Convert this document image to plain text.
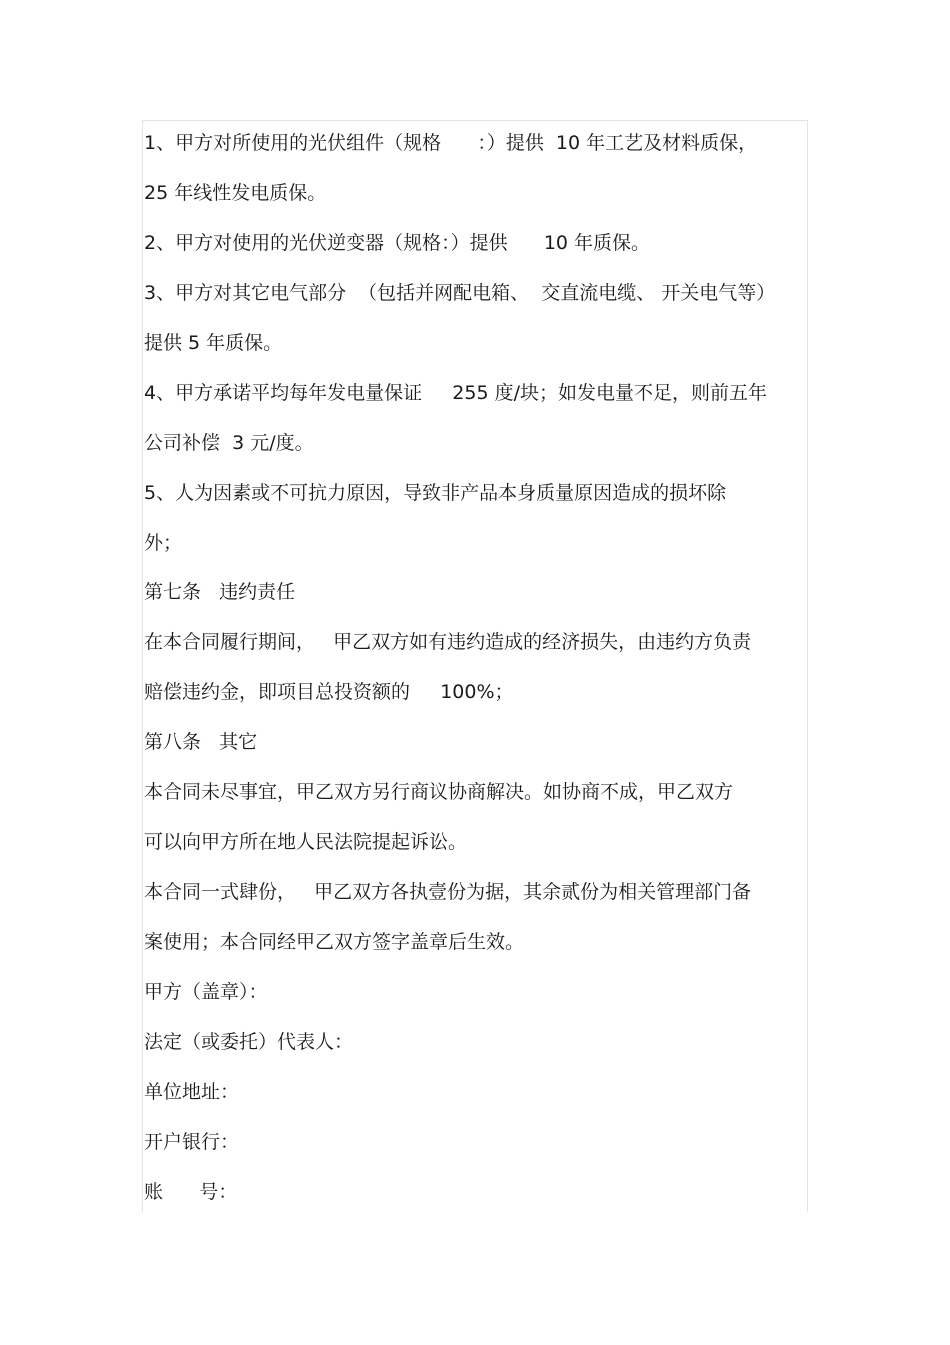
1、甲方对所使用的光伏组件（规格      ：）提供  10 年工艺及材料质保，
25 年线性发电质保。
2、甲方对使用的光伏逆变器（规格：）提供      10 年质保。
3、甲方对其它电气部分  （包括并网配电箱、  交直流电缆、 开关电气等）
提供 5 年质保。
4、甲方承诺平均每年发电量保证     255 度/块；如发电量不足，则前五年
公司补偿  3 元/度。
5、人为因素或不可抗力原因，导致非产品本身质量原因造成的损坏除
外；
第七条   违约责任
在本合同履行期间，   甲乙双方如有违约造成的经济损失，由违约方负责
赔偿违约金，即项目总投资额的     100%；
第八条   其它
本合同未尽事宜，甲乙双方另行商议协商解决。如协商不成，甲乙双方
可以向甲方所在地人民法院提起诉讼。
本合同一式肆份，   甲乙双方各执壹份为据，其余贰份为相关管理部门备
案使用；本合同经甲乙双方签字盖章后生效。
甲方（盖章）：
法定（或委托）代表人：
单位地址：
开户银行：
账      号：
